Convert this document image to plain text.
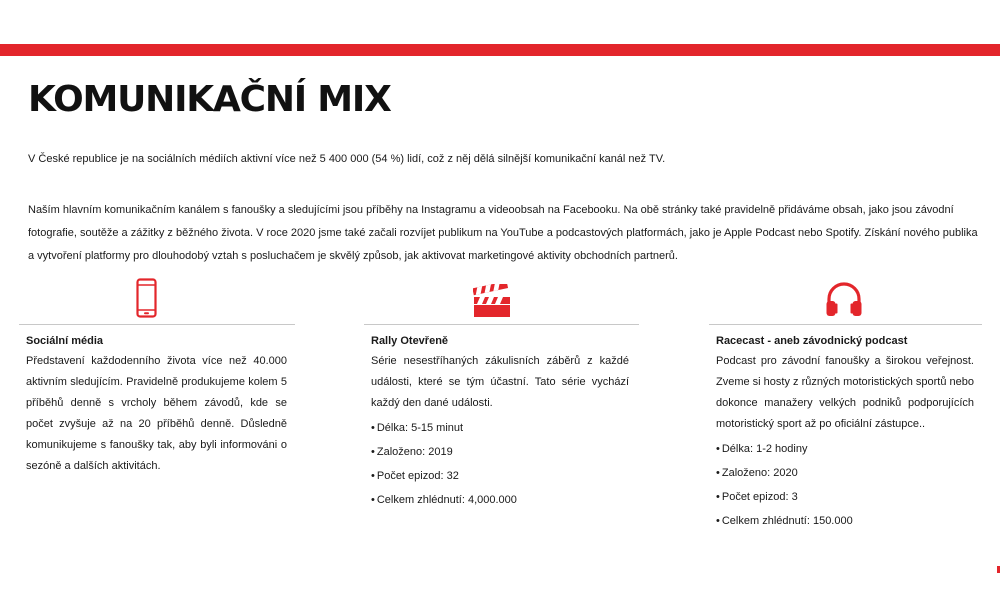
KOMUNIKAČNÍ MIX

V České republice je na sociálních médiích aktivní více než 5 400 000 (54 %) lidí, což z něj dělá silnější komunikační kanál než TV.

Naším hlavním komunikačním kanálem s fanoušky a sledujícími jsou příběhy na Instagramu a videoobsah na Facebooku. Na obě stránky také pravidelně přidáváme obsah, jako jsou závodní fotografie, soutěže a zážitky z běžného života. V roce 2020 jsme také začali rozvíjet publikum na YouTube a podcastových platformách, jako je Apple Podcast nebo Spotify. Získání nového publika a vytvoření platformy pro dlouhodobý vztah s posluchačem je skvělý způsob, jak aktivovat marketingové aktivity obchodních partnerů.

Sociální média

Představení každodenního života více než 40.000 aktivním sledujícím. Pravidelně produkujeme kolem 5 příběhů denně s vrcholy během závodů, kde se počet zvyšuje až na 20 příběhů denně. Důsledně komunikujeme s fanoušky tak, aby byli informováni o sezóně a dalších aktivitách.

Rally Otevřeně

Série nesestříhaných zákulisních záběrů z každé události, které se tým účastní. Tato série vychází každý den dané události.

• Délka: 5-15 minut
• Založeno: 2019
• Počet epizod: 32
• Celkem zhlédnutí: 4,000.000
Racecast - aneb závodnický podcast

Podcast pro závodní fanoušky a širokou veřejnost. Zveme si hosty z různých motoristických sportů nebo dokonce manažery velkých podniků podporujících motoristický sport až po oficiální zástupce..

• Délka: 1-2 hodiny
• Založeno: 2020
• Počet epizod: 3
• Celkem zhlédnutí: 150.000
